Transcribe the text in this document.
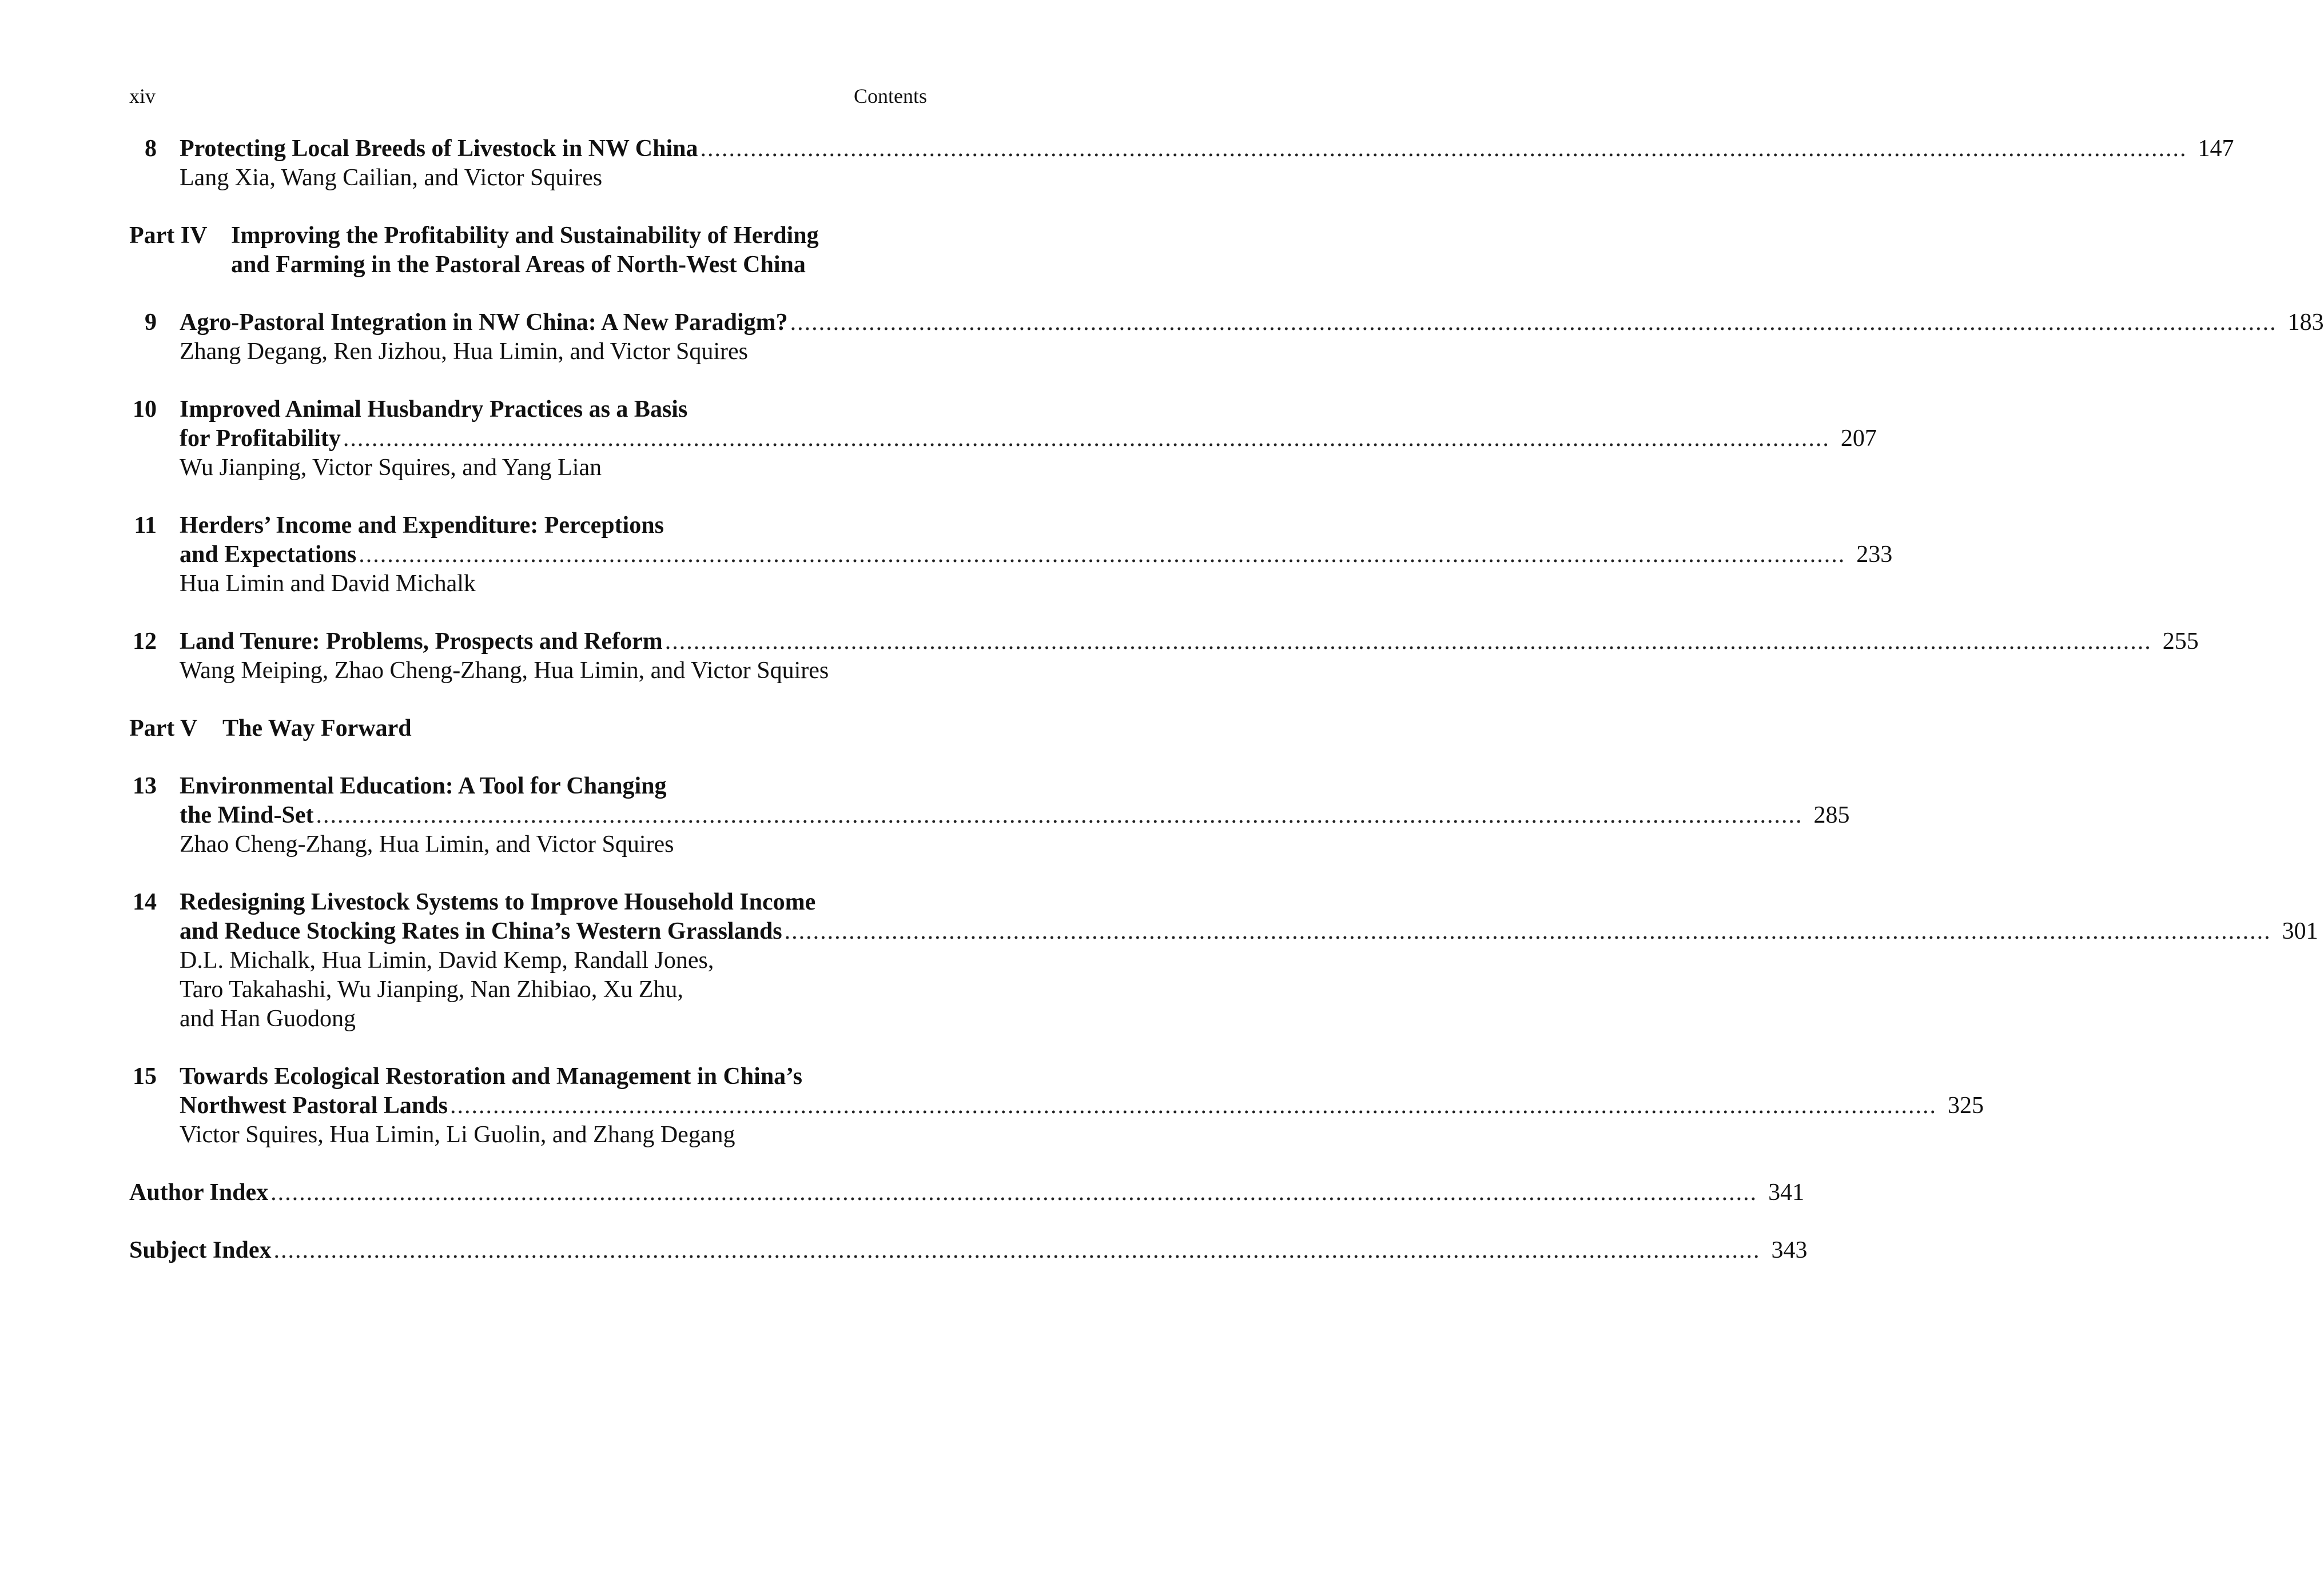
xiv	Contents
8 Protecting Local Breeds of Livestock in NW China ................................................................................................................................................................................................................ 147
Lang Xia, Wang Cailian, and Victor Squires
Part IV Improving the Profitability and Sustainability of Herding
and Farming in the Pastoral Areas of North-West China
9 Agro-Pastoral Integration in NW China: A New Paradigm? ................................................................................................................................................................................................................ 183
Zhang Degang, Ren Jizhou, Hua Limin, and Victor Squires
10 Improved Animal Husbandry Practices as a Basis
for Profitability ................................................................................................................................................................................................................ 207
Wu Jianping, Victor Squires, and Yang Lian
11 Herders’ Income and Expenditure: Perceptions
and Expectations ................................................................................................................................................................................................................ 233
Hua Limin and David Michalk
12 Land Tenure: Problems, Prospects and Reform ................................................................................................................................................................................................................ 255
Wang Meiping, Zhao Cheng-Zhang, Hua Limin, and Victor Squires
Part V The Way Forward
13 Environmental Education: A Tool for Changing
the Mind-Set ................................................................................................................................................................................................................ 285
Zhao Cheng-Zhang, Hua Limin, and Victor Squires
14 Redesigning Livestock Systems to Improve Household Income
and Reduce Stocking Rates in China’s Western Grasslands ................................................................................................................................................................................................................ 301
D.L. Michalk, Hua Limin, David Kemp, Randall Jones,
Taro Takahashi, Wu Jianping, Nan Zhibiao, Xu Zhu,
and Han Guodong
15 Towards Ecological Restoration and Management in China’s
Northwest Pastoral Lands ................................................................................................................................................................................................................ 325
Victor Squires, Hua Limin, Li Guolin, and Zhang Degang
Author Index ................................................................................................................................................................................................................ 341
Subject Index ................................................................................................................................................................................................................ 343
